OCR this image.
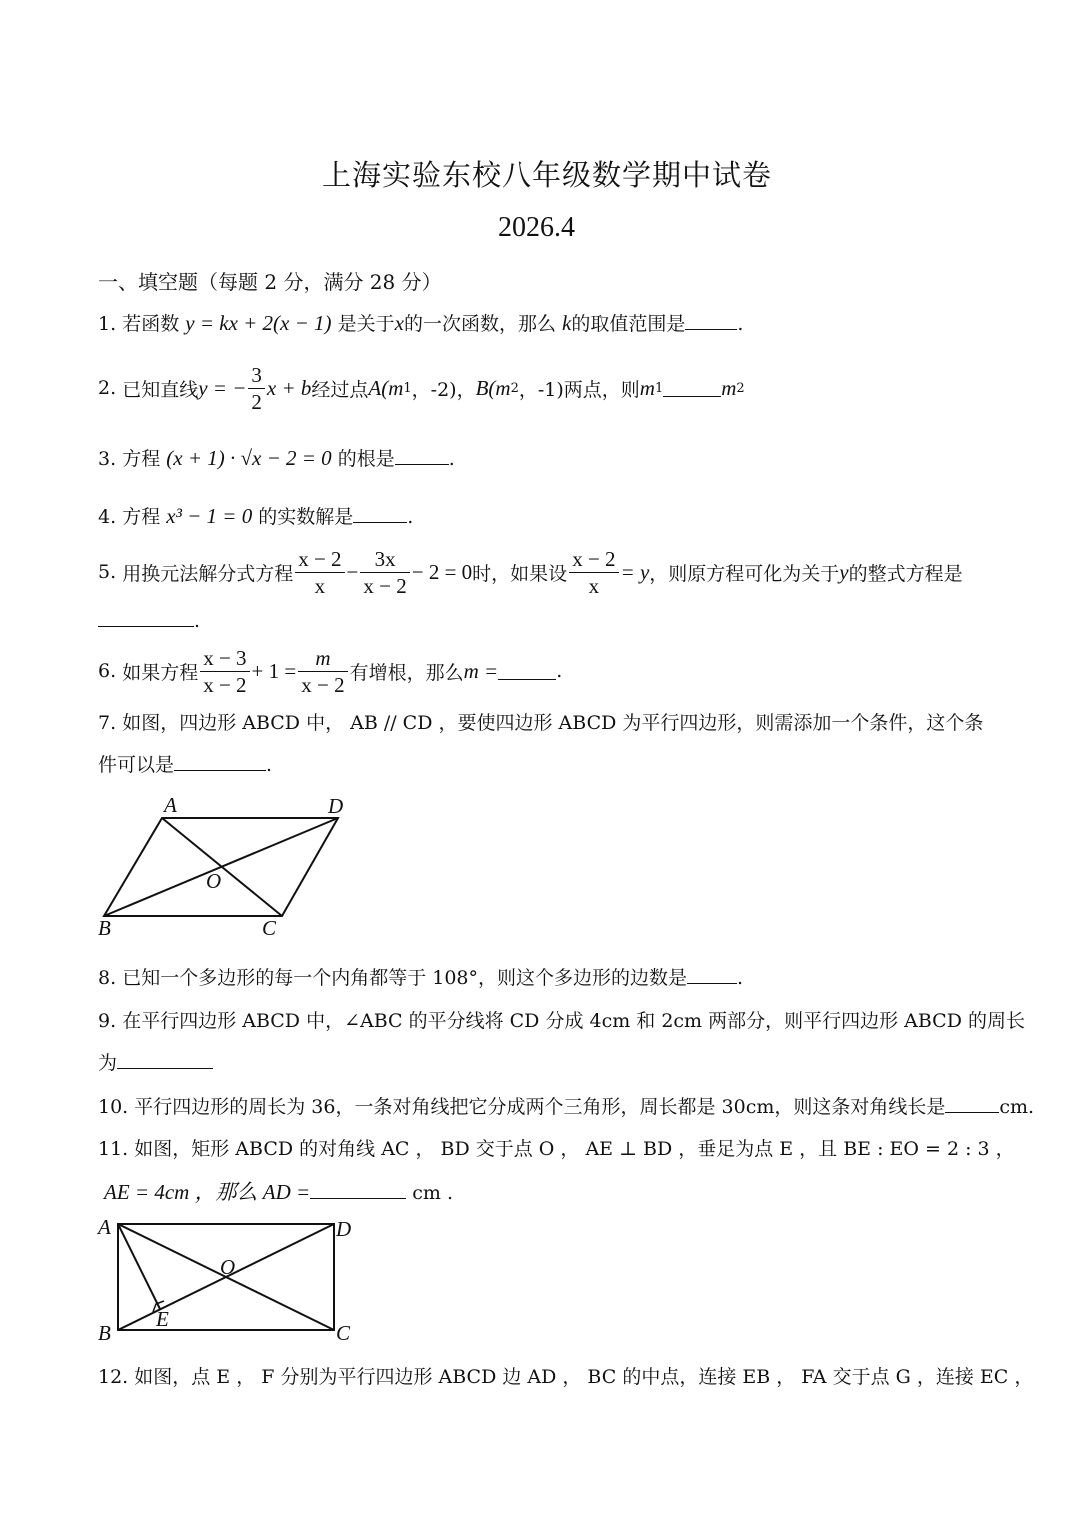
上海实验东校八年级数学期中试卷
2026.4
一、填空题（每题 2 分，满分 28 分）
1. 若函数 y = kx + 2(x − 1) 是关于x的一次函数，那么 k的取值范围是	.
2.
已知直线 y = − $\frac{3}{2}$ x + b 经过点 A( m 1 ，-2)， B( m 2 ，-1)两点，则 m 1	m 2
3. 方程 (x + 1) · √x − 2 = 0 的根是	.
4. 方程 x³ − 1 = 0 的实数解是	.
5.
用换元法解分式方程 $\frac{x - 2}{x} - \frac{3x}{x - 2} - 2 = 0$ 时，如果设 $\frac{x - 2}{x} = y$ ，则原方程可化为关于 y 的整式方程是
.
6.
如果方程 $\frac{x - 3}{x - 2} + 1 = \frac{m}{x - 2}$ 有增根，那么 m =	.
7. 如图，四边形 ABCD 中， AB // CD ，要使四边形 ABCD 为平行四边形，则需添加一个条件，这个条
件可以是	.
A	D
O
B	C
8. 已知一个多边形的每一个内角都等于 108°，则这个多边形的边数是	.
9. 在平行四边形 ABCD 中，∠ABC 的平分线将 CD 分成 4cm 和 2cm 两部分，则平行四边形 ABCD 的周长
为
10. 平行四边形的周长为 36，一条对角线把它分成两个三角形，周长都是 30cm，则这条对角线长是	cm.
11. 如图，矩形 ABCD 的对角线 AC ， BD 交于点 O ， AE ⊥ BD ，垂足为点 E ，且 BE : EO = 2 : 3 ，
AE = 4cm ，那么 AD =	cm .
A	D
O
E
B	C
12. 如图，点 E ， F 分别为平行四边形 ABCD 边 AD ， BC 的中点，连接 EB ， FA 交于点 G ，连接 EC ，
